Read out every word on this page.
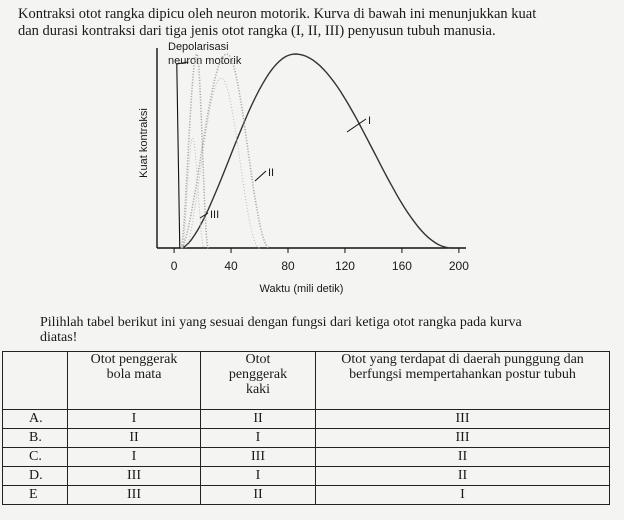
Kontraksi otot rangka dipicu oleh neuron motorik. Kurva di bawah ini menunjukkan kuat
dan durasi kontraksi dari tiga jenis otot rangka (I, II, III) penyusun tubuh manusia.

0	40	80	120	160	200
Waktu (mili detik)
Kuat kontraksi
Depolarisasi
neuron motorik
I
II
III

Pilihlah tabel berikut ini yang sesuai dengan fungsi dari ketiga otot rangka pada kurva
diatas!

	Otot penggerak
bola mata	Otot
penggerak
kaki	Otot yang terdapat di daerah punggung dan
berfungsi mempertahankan postur tubuh

A.	I	II	III
B.	II	I	III
C.	I	III	II
D.	III	I	II
E	III	II	I
